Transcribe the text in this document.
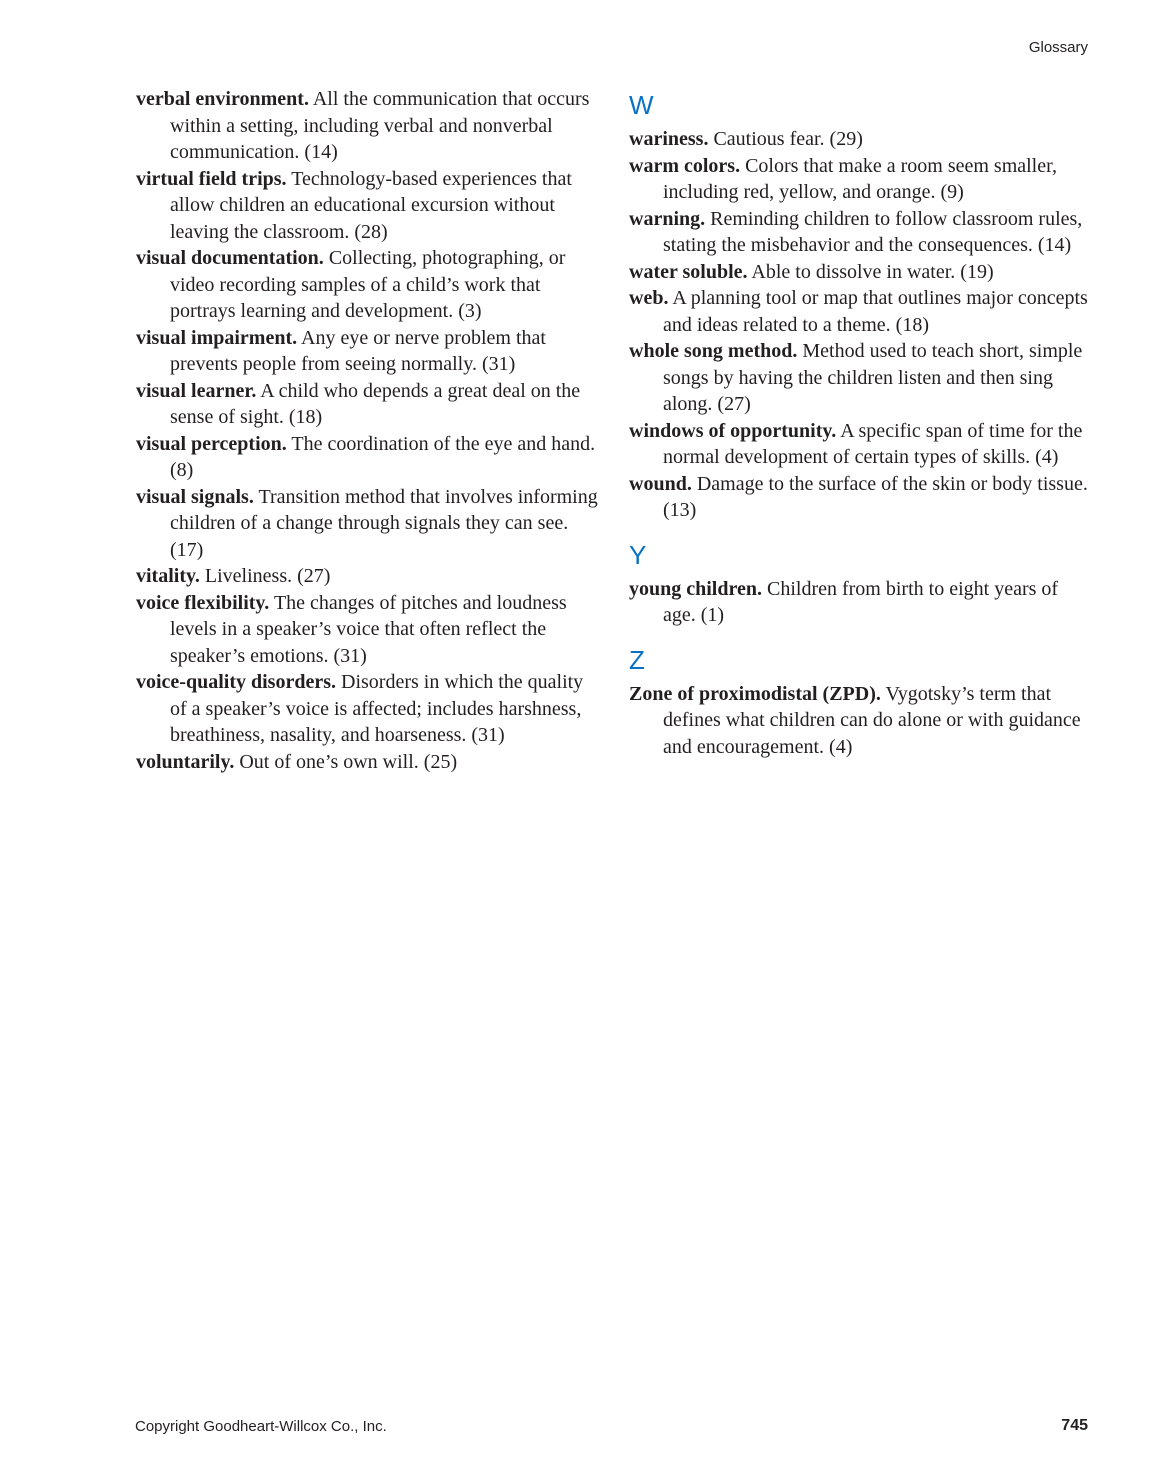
Glossary

verbal environment. All the communication that occurs within a setting, including verbal and nonverbal communication. (14)

virtual field trips. Technology-based experiences that allow children an educational excursion without leaving the classroom. (28)

visual documentation. Collecting, photographing, or video recording samples of a child’s work that portrays learning and development. (3)

visual impairment. Any eye or nerve problem that prevents people from seeing normally. (31)

visual learner. A child who depends a great deal on the sense of sight. (18)

visual perception. The coordination of the eye and hand. (8)

visual signals. Transition method that involves informing children of a change through signals they can see. (17)

vitality. Liveliness. (27)

voice flexibility. The changes of pitches and loudness levels in a speaker’s voice that often reflect the speaker’s emotions. (31)

voice-quality disorders. Disorders in which the quality of a speaker’s voice is affected; includes harshness, breathiness, nasality, and hoarseness. (31)

voluntarily. Out of one’s own will. (25)

W

wariness. Cautious fear. (29)

warm colors. Colors that make a room seem smaller, including red, yellow, and orange. (9)

warning. Reminding children to follow classroom rules, stating the misbehavior and the consequences. (14)

water soluble. Able to dissolve in water. (19)

web. A planning tool or map that outlines major concepts and ideas related to a theme. (18)

whole song method. Method used to teach short, simple songs by having the children listen and then sing along. (27)

windows of opportunity. A specific span of time for the normal development of certain types of skills. (4)

wound. Damage to the surface of the skin or body tissue. (13)

Y

young children. Children from birth to eight years of age. (1)

Z

Zone of proximodistal (ZPD). Vygotsky’s term that defines what children can do alone or with guidance and encouragement. (4)

Copyright Goodheart-Willcox Co., Inc.	745
